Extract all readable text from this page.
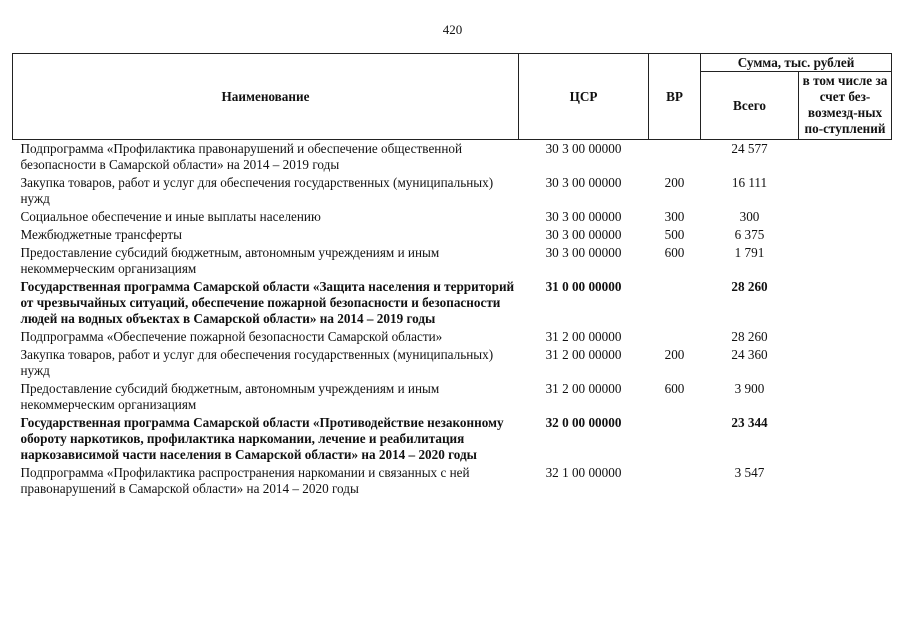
420
Наименование	ЦСР	ВР	Сумма, тыс. рублей	
			Всего	в том числе за счет без-возмезд-ных по-ступлений
Подпрограмма «Профилактика правонарушений и обеспечение общественной безопасности в Самарской области» на 2014 – 2019 годы	30 3 00 00000		24 577	
Закупка товаров, работ и услуг для обеспечения государственных (муниципальных) нужд	30 3 00 00000	200	16 111	
Социальное обеспечение и иные выплаты населению	30 3 00 00000	300	300	
Межбюджетные трансферты	30 3 00 00000	500	6 375	
Предоставление субсидий бюджетным, автономным учреждениям и иным некоммерческим организациям	30 3 00 00000	600	1 791	
Государственная программа Самарской области «Защита населения и территорий от чрезвычайных ситуаций, обеспечение пожарной безопасности и безопасности людей на водных объектах в Самарской области» на 2014 – 2019 годы	31 0 00 00000		28 260	
Подпрограмма «Обеспечение пожарной безопасности Самарской области»	31 2 00 00000		28 260	
Закупка товаров, работ и услуг для обеспечения государственных (муниципальных) нужд	31 2 00 00000	200	24 360	
Предоставление субсидий бюджетным, автономным учреждениям и иным некоммерческим организациям	31 2 00 00000	600	3 900	
Государственная программа Самарской области «Противодействие незаконному обороту наркотиков, профилактика наркомании, лечение и реабилитация наркозависимой части населения в Самарской области» на 2014 – 2020 годы	32 0 00 00000		23 344	
Подпрограмма «Профилактика распространения наркомании и связанных с ней правонарушений в Самарской области» на 2014 – 2020 годы	32 1 00 00000		3 547	
